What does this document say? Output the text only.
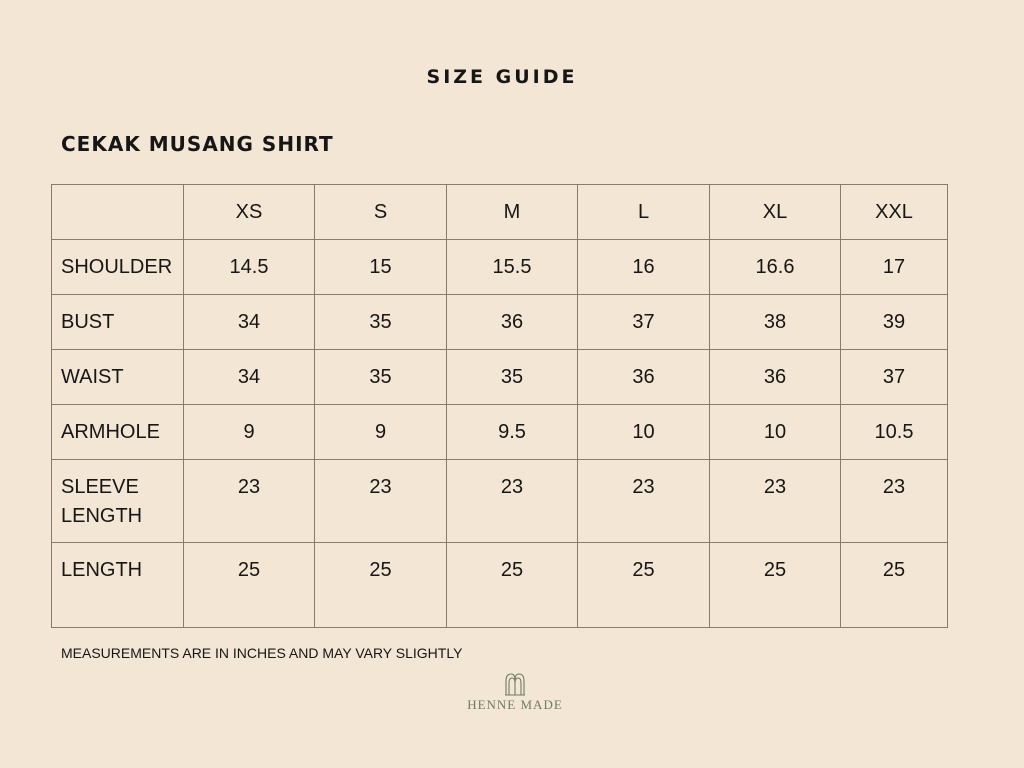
SIZE GUIDE
CEKAK MUSANG SHIRT

	XS	S	M	L	XL	XXL

SHOULDER	14.5	15	15.5	16	16.6	17

BUST	34	35	36	37	38	39

WAIST	34	35	35	36	36	37

ARMHOLE	9	9	9.5	10	10	10.5

SLEEVE
LENGTH	23	23	23	23	23	23

LENGTH	25	25	25	25	25	25
MEASUREMENTS ARE IN INCHES AND MAY VARY SLIGHTLY
HENNE MADE
